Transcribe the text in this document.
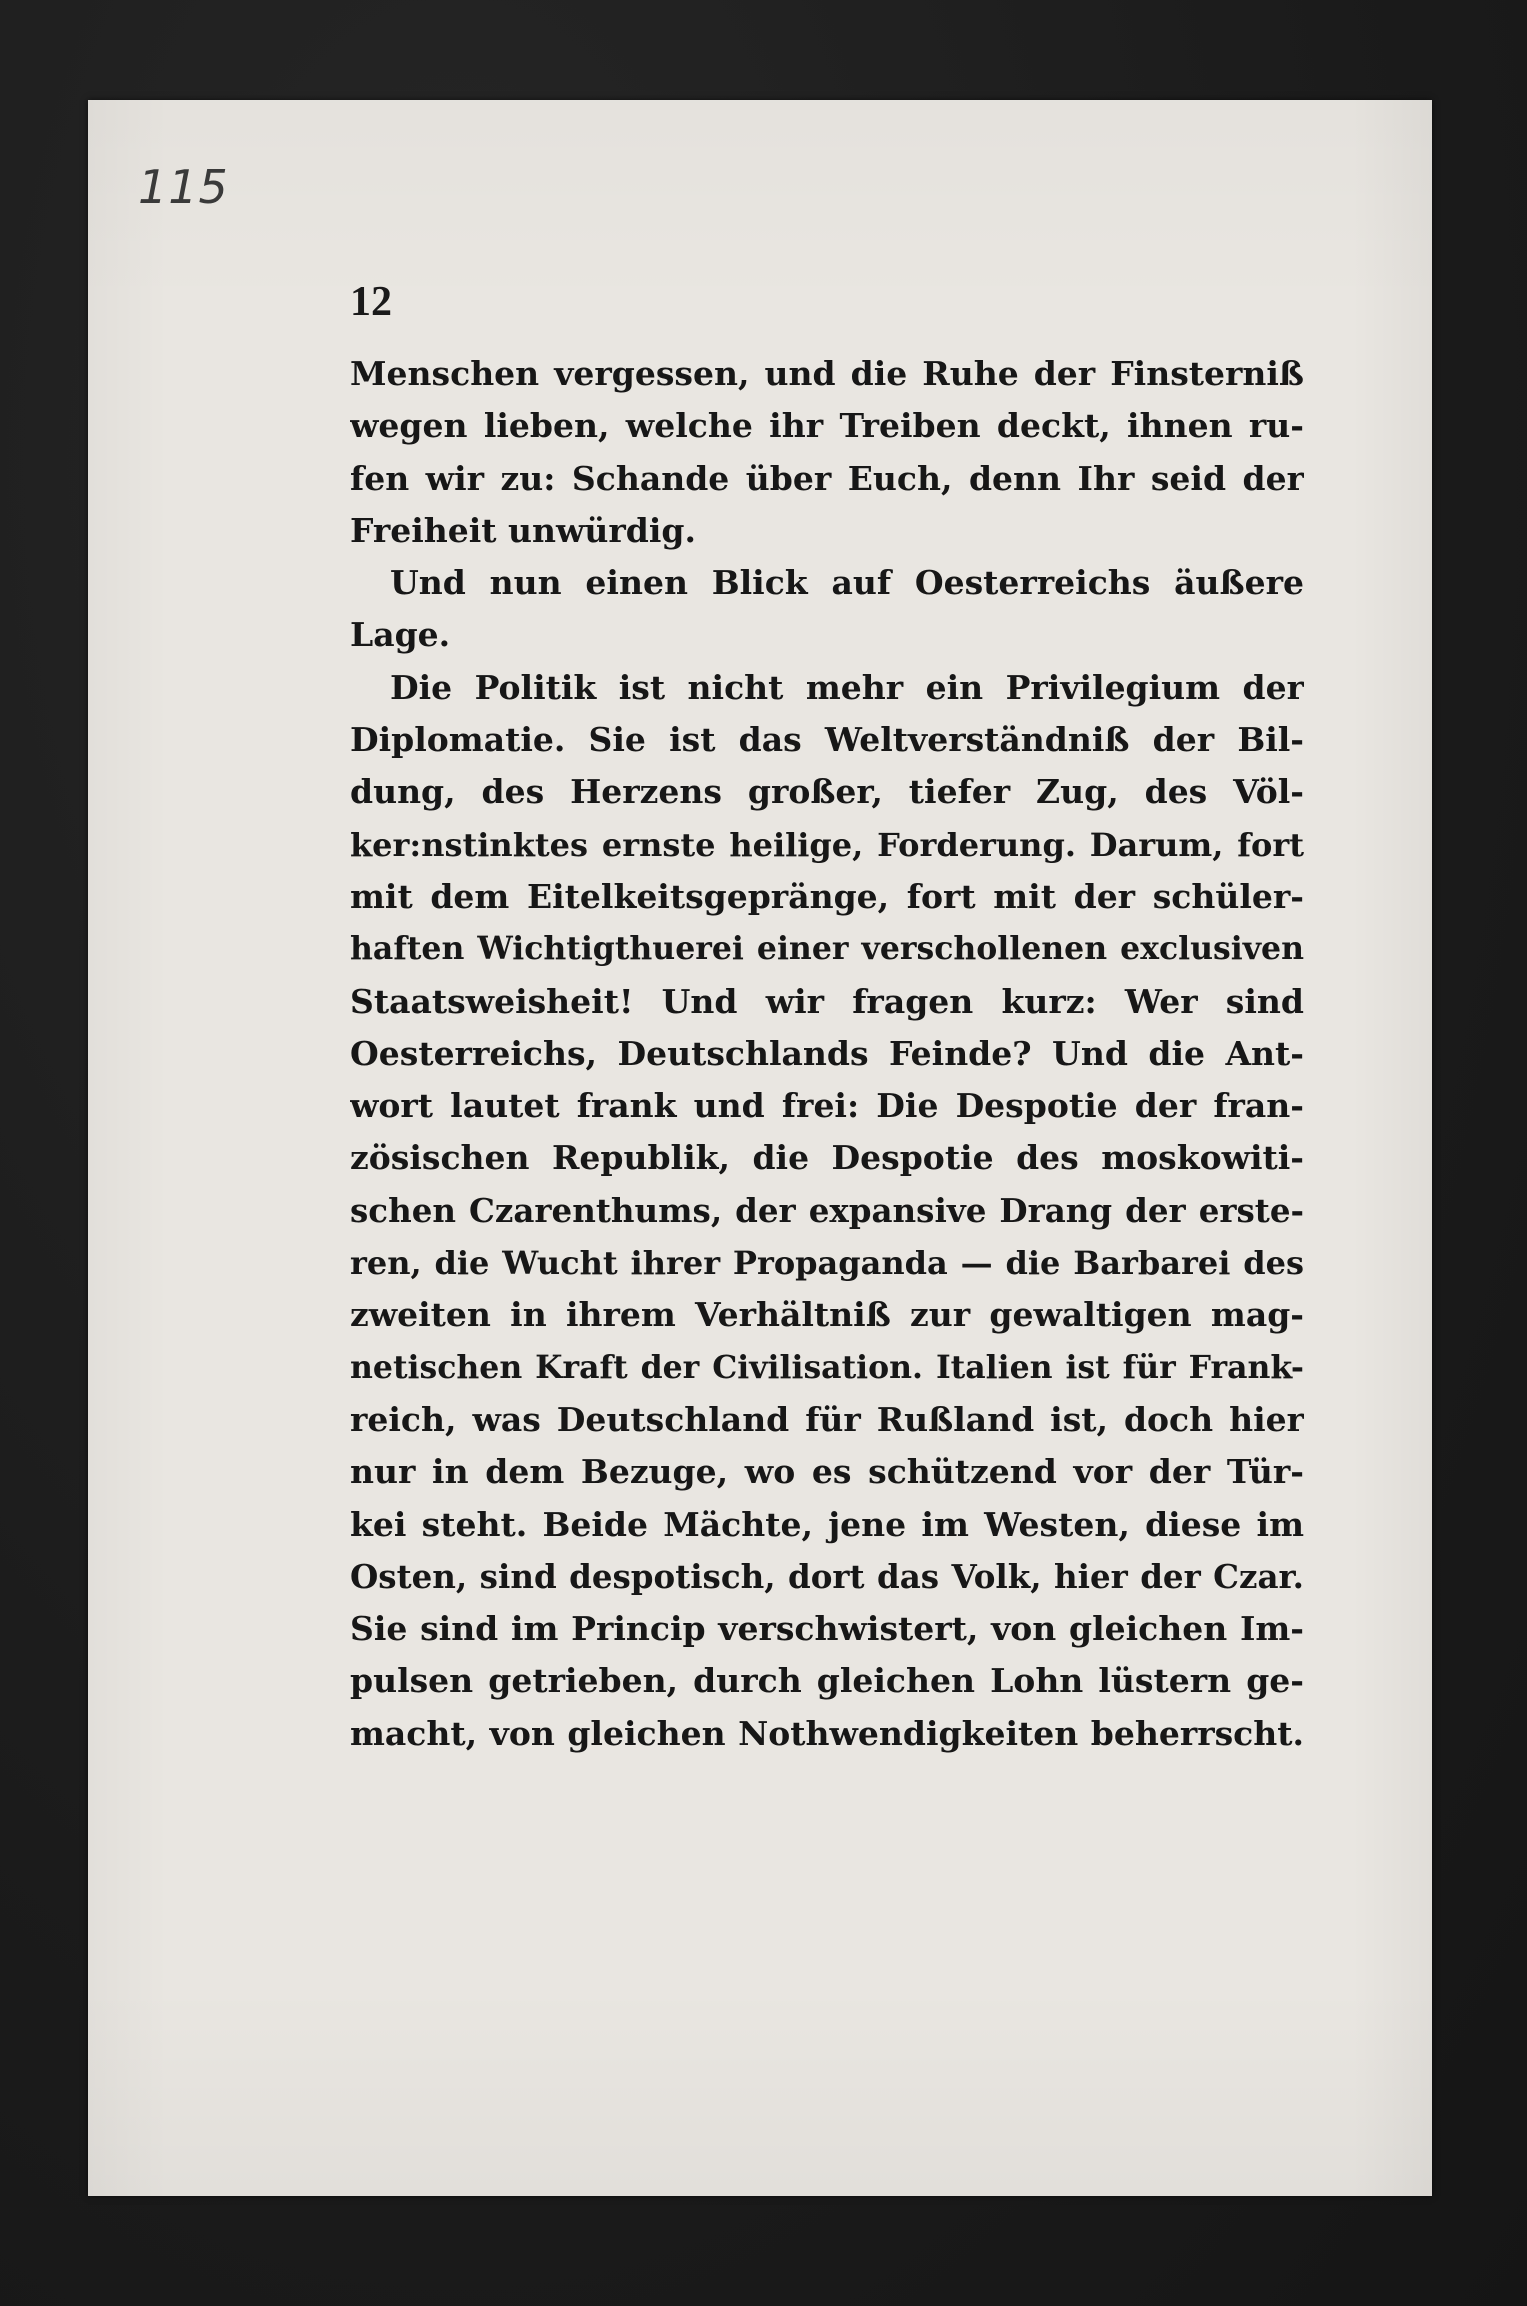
115
12
Menschen vergessen, und die Ruhe der Finsterniß
wegen lieben, welche ihr Treiben deckt, ihnen ru-
fen wir zu: Schande über Euch, denn Ihr seid der
Freiheit unwürdig.
Und nun einen Blick auf Oesterreichs äußere
Lage.
Die Politik ist nicht mehr ein Privilegium der
Diplomatie. Sie ist das Weltverständniß der Bil-
dung, des Herzens großer, tiefer Zug, des Völ-
ker:nstinktes ernste heilige, Forderung. Darum, fort
mit dem Eitelkeitsgepränge, fort mit der schüler-
haften Wichtigthuerei einer verschollenen exclusiven
Staatsweisheit! Und wir fragen kurz: Wer sind
Oesterreichs, Deutschlands Feinde? Und die Ant-
wort lautet frank und frei: Die Despotie der fran-
zösischen Republik, die Despotie des moskowiti-
schen Czarenthums, der expansive Drang der erste-
ren, die Wucht ihrer Propaganda — die Barbarei des
zweiten in ihrem Verhältniß zur gewaltigen mag-
netischen Kraft der Civilisation. Italien ist für Frank-
reich, was Deutschland für Rußland ist, doch hier
nur in dem Bezuge, wo es schützend vor der Tür-
kei steht. Beide Mächte, jene im Westen, diese im
Osten, sind despotisch, dort das Volk, hier der Czar.
Sie sind im Princip verschwistert, von gleichen Im-
pulsen getrieben, durch gleichen Lohn lüstern ge-
macht, von gleichen Nothwendigkeiten beherrscht.
